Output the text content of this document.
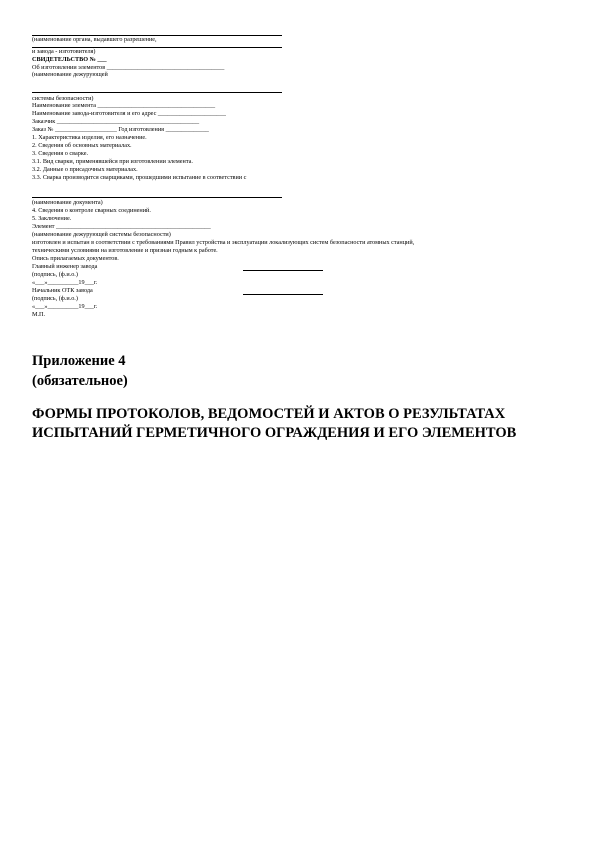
(наименование органа, выдавшего разрешение,
и завода - изготовителя)
СВИДЕТЕЛЬСТВО № ___
Об изготовлении элементов ______________________________________
(наименование дежурующей
системы безопасности)
Наименование элемента ______________________________________
Наименование завода-изготовителя и его адрес ______________________
Заказчик ______________________________________________
Заказ № ____________________ Год изготовления ______________
1. Характеристика изделия, его назначение.
2. Сведения об основных материалах.
3. Сведения о сварке.
3.1. Вид сварки, применявшейся при изготовлении элемента.
3.2. Данные о присадочных материалах.
3.3. Сварка производится сварщиками, прошедшими испытание в соответствии с
(наименование документа)
4. Сведения о контроле сварных соединений.
5. Заключение.
Элемент __________________________________________________
(наименование дежурующей системы безопасности)
изготовлен и испытан в соответствии с требованиями Правил устройства и эксплуатации локализующих систем безопасности атомных станций,
техническими условиями на изготовление и признан годным к работе.
Опись прилагаемых документов.
Главный инженер завода
(подпись, (ф.и.о.)
«___»__________19___г.
Начальник ОТК завода
(подпись, (ф.и.о.)
«___»__________19___г.
М.П.
Приложение 4
(обязательное)
ФОРМЫ ПРОТОКОЛОВ, ВЕДОМОСТЕЙ И АКТОВ О РЕЗУЛЬТАТАХ ИСПЫТАНИЙ ГЕРМЕТИЧНОГО ОГРАЖДЕНИЯ И ЕГО ЭЛЕМЕНТОВ
